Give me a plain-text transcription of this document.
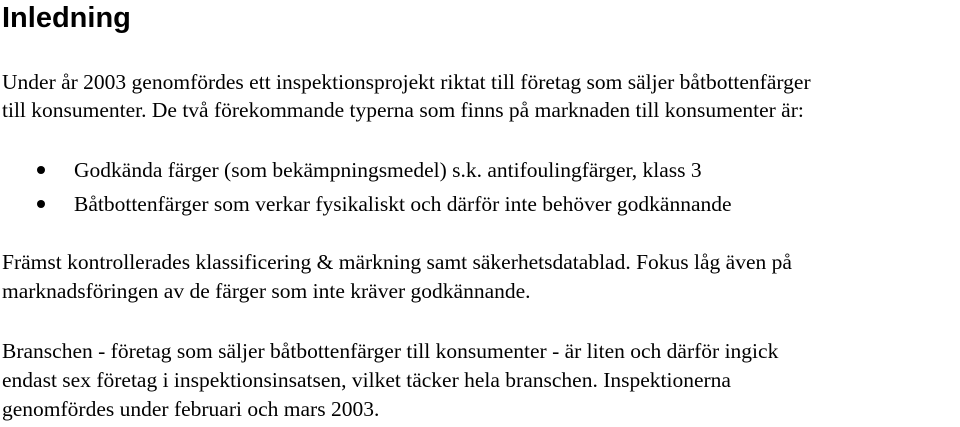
Inledning
Under år 2003 genomfördes ett inspektionsprojekt riktat till företag som säljer båtbottenfärger
till konsumenter. De två förekommande typerna som finns på marknaden till konsumenter är:
Godkända färger (som bekämpningsmedel) s.k. antifoulingfärger, klass 3
Båtbottenfärger som verkar fysikaliskt och därför inte behöver godkännande
Främst kontrollerades klassificering & märkning samt säkerhetsdatablad. Fokus låg även på
marknadsföringen av de färger som inte kräver godkännande.
Branschen - företag som säljer båtbottenfärger till konsumenter - är liten och därför ingick
endast sex företag i inspektionsinsatsen, vilket täcker hela branschen. Inspektionerna
genomfördes under februari och mars 2003.
